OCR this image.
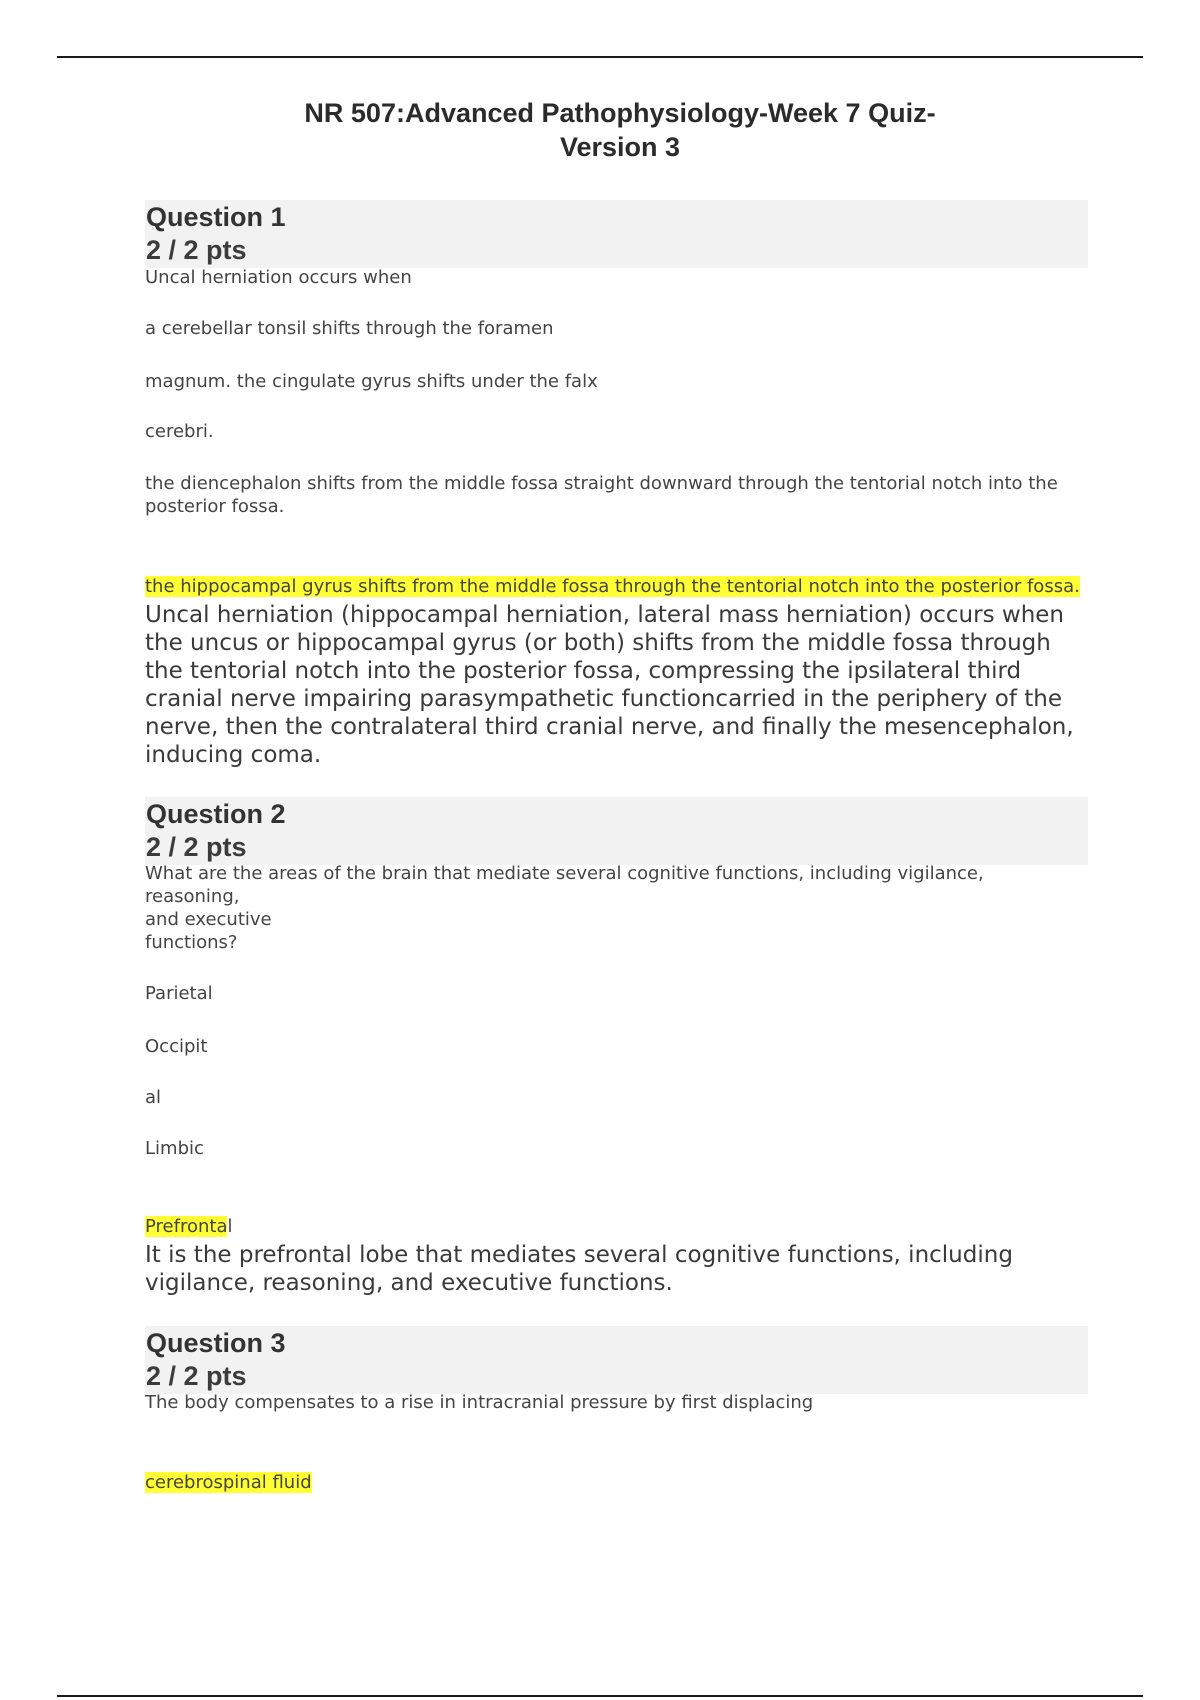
NR 507:Advanced Pathophysiology-Week 7 Quiz-
Version 3
Question 1
2 / 2 pts

Uncal herniation occurs when

a cerebellar tonsil shifts through the foramen

magnum. the cingulate gyrus shifts under the falx

cerebri.

the diencephalon shifts from the middle fossa straight downward through the tentorial notch into the posterior fossa.

the hippocampal gyrus shifts from the middle fossa through the tentorial notch into the posterior fossa. Uncal herniation (hippocampal herniation, lateral mass herniation) occurs when the uncus or hippocampal gyrus (or both) shifts from the middle fossa through the tentorial notch into the posterior fossa, compressing the ipsilateral third cranial nerve impairing parasympathetic functioncarried in the periphery of the nerve, then the contralateral third cranial nerve, and finally the mesencephalon, inducing coma.
Question 2
2 / 2 pts

What are the areas of the brain that mediate several cognitive functions, including vigilance,

reasoning,

and executive

functions?

Parietal

Occipit

al

Limbic

Prefrontal
It is the prefrontal lobe that mediates several cognitive functions, including vigilance, reasoning, and executive functions.
Question 3
2 / 2 pts

The body compensates to a rise in intracranial pressure by first displacing

cerebrospinal fluid
